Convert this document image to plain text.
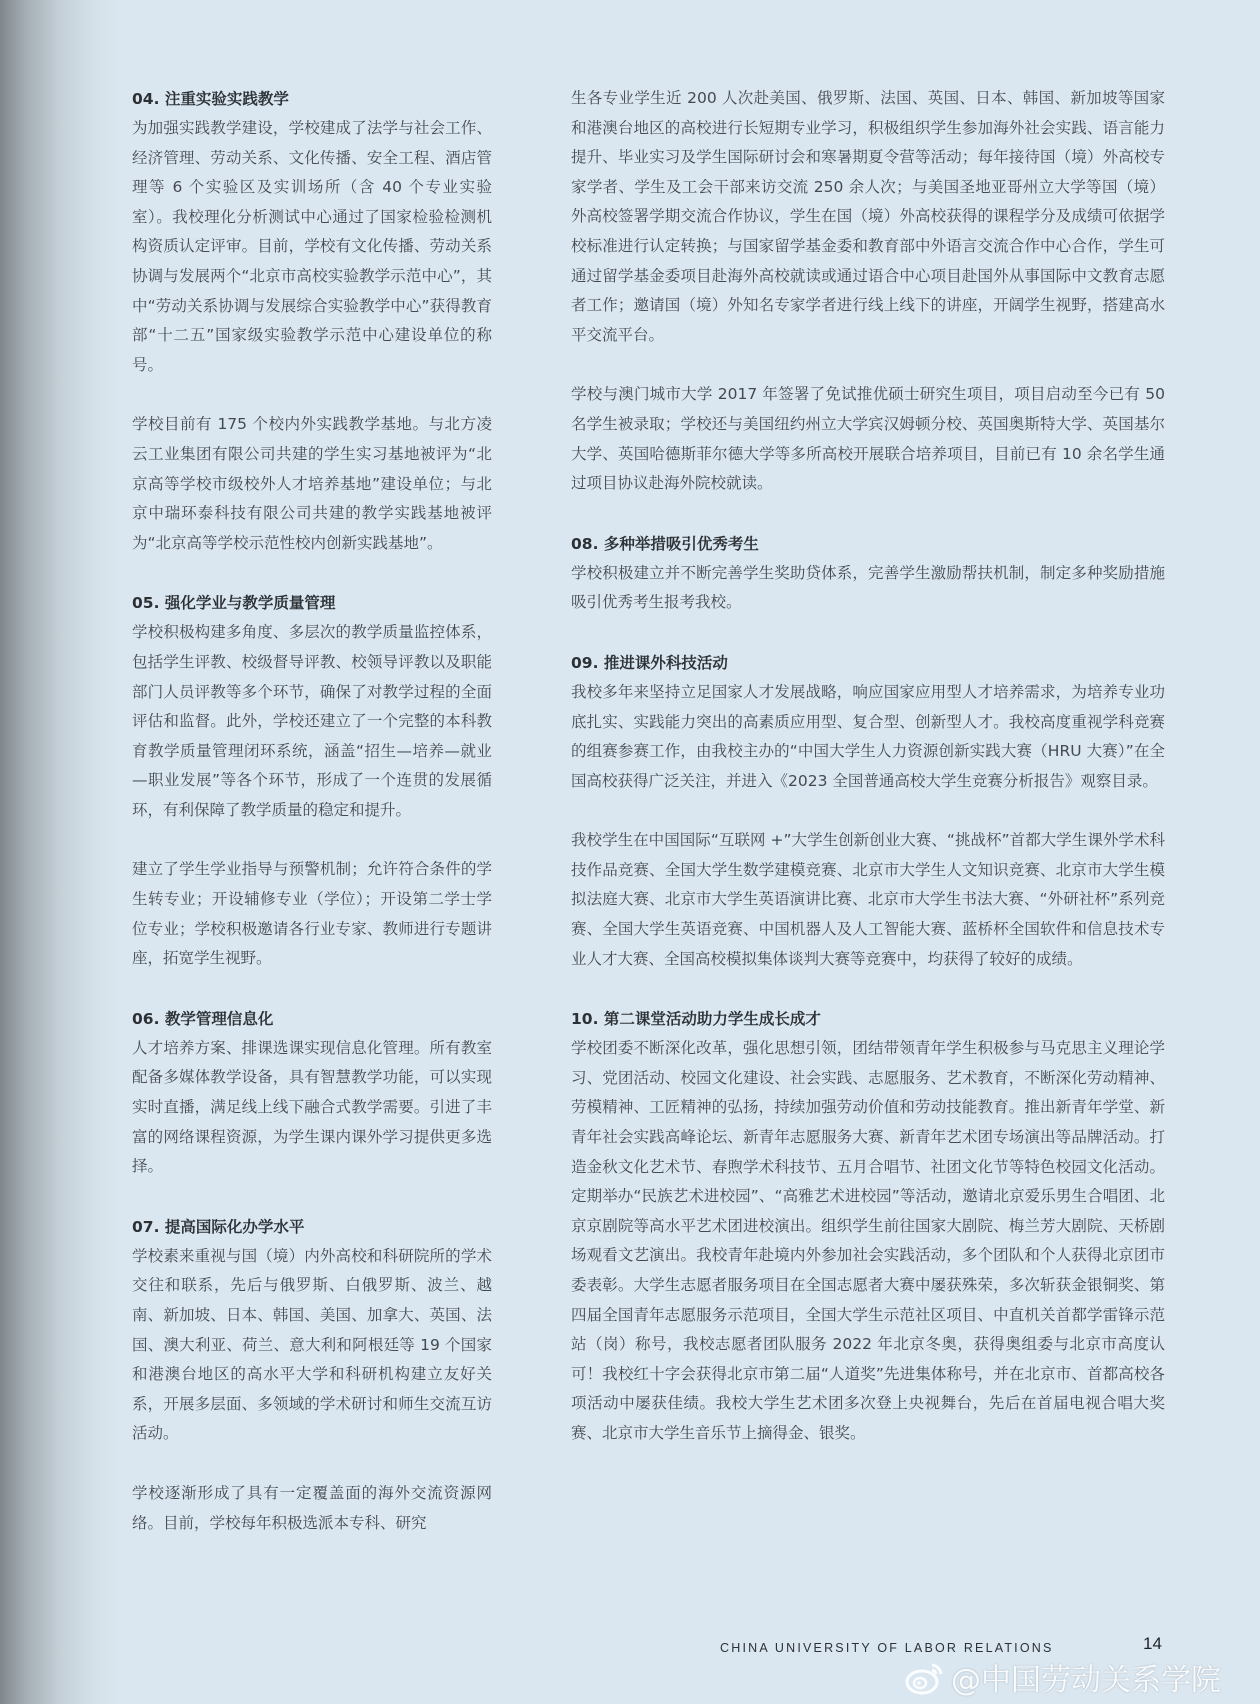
04. 注重实验实践教学

为加强实践教学建设，学校建成了法学与社会工作、经济管理、劳动关系、文化传播、安全工程、酒店管理等 6 个实验区及实训场所（含 40 个专业实验室）。我校理化分析测试中心通过了国家检验检测机构资质认定评审。目前，学校有文化传播、劳动关系协调与发展两个“北京市高校实验教学示范中心”，其中“劳动关系协调与发展综合实验教学中心”获得教育部“十二五”国家级实验教学示范中心建设单位的称号。

学校目前有 175 个校内外实践教学基地。与北方凌云工业集团有限公司共建的学生实习基地被评为“北京高等学校市级校外人才培养基地”建设单位；与北京中瑞环泰科技有限公司共建的教学实践基地被评为“北京高等学校示范性校内创新实践基地”。

05. 强化学业与教学质量管理

学校积极构建多角度、多层次的教学质量监控体系，包括学生评教、校级督导评教、校领导评教以及职能部门人员评教等多个环节，确保了对教学过程的全面评估和监督。此外，学校还建立了一个完整的本科教育教学质量管理闭环系统，涵盖“招生—培养—就业—职业发展”等各个环节，形成了一个连贯的发展循环，有利保障了教学质量的稳定和提升。

建立了学生学业指导与预警机制；允许符合条件的学生转专业；开设辅修专业（学位）；开设第二学士学位专业；学校积极邀请各行业专家、教师进行专题讲座，拓宽学生视野。

06. 教学管理信息化

人才培养方案、排课选课实现信息化管理。所有教室配备多媒体教学设备，具有智慧教学功能，可以实现实时直播，满足线上线下融合式教学需要。引进了丰富的网络课程资源，为学生课内课外学习提供更多选择。

07. 提高国际化办学水平

学校素来重视与国（境）内外高校和科研院所的学术交往和联系，先后与俄罗斯、白俄罗斯、波兰、越南、新加坡、日本、韩国、美国、加拿大、英国、法国、澳大利亚、荷兰、意大利和阿根廷等 19 个国家和港澳台地区的高水平大学和科研机构建立友好关系，开展多层面、多领域的学术研讨和师生交流互访活动。

学校逐渐形成了具有一定覆盖面的海外交流资源网络。目前，学校每年积极选派本专科、研究

生各专业学生近 200 人次赴美国、俄罗斯、法国、英国、日本、韩国、新加坡等国家和港澳台地区的高校进行长短期专业学习，积极组织学生参加海外社会实践、语言能力提升、毕业实习及学生国际研讨会和寒暑期夏令营等活动；每年接待国（境）外高校专家学者、学生及工会干部来访交流 250 余人次；与美国圣地亚哥州立大学等国（境）外高校签署学期交流合作协议，学生在国（境）外高校获得的课程学分及成绩可依据学校标准进行认定转换；与国家留学基金委和教育部中外语言交流合作中心合作，学生可通过留学基金委项目赴海外高校就读或通过语合中心项目赴国外从事国际中文教育志愿者工作；邀请国（境）外知名专家学者进行线上线下的讲座，开阔学生视野，搭建高水平交流平台。

学校与澳门城市大学 2017 年签署了免试推优硕士研究生项目，项目启动至今已有 50 名学生被录取；学校还与美国纽约州立大学宾汉姆顿分校、英国奥斯特大学、英国基尔大学、英国哈德斯菲尔德大学等多所高校开展联合培养项目，目前已有 10 余名学生通过项目协议赴海外院校就读。

08. 多种举措吸引优秀考生

学校积极建立并不断完善学生奖助贷体系，完善学生激励帮扶机制，制定多种奖励措施吸引优秀考生报考我校。

09. 推进课外科技活动

我校多年来坚持立足国家人才发展战略，响应国家应用型人才培养需求，为培养专业功底扎实、实践能力突出的高素质应用型、复合型、创新型人才。我校高度重视学科竞赛的组赛参赛工作，由我校主办的“中国大学生人力资源创新实践大赛（HRU 大赛）”在全国高校获得广泛关注，并进入《2023 全国普通高校大学生竞赛分析报告》观察目录。

我校学生在中国国际“互联网 +”大学生创新创业大赛、“挑战杯”首都大学生课外学术科技作品竞赛、全国大学生数学建模竞赛、北京市大学生人文知识竞赛、北京市大学生模拟法庭大赛、北京市大学生英语演讲比赛、北京市大学生书法大赛、“外研社杯”系列竞赛、全国大学生英语竞赛、中国机器人及人工智能大赛、蓝桥杯全国软件和信息技术专业人才大赛、全国高校模拟集体谈判大赛等竞赛中，均获得了较好的成绩。

10. 第二课堂活动助力学生成长成才

学校团委不断深化改革，强化思想引领，团结带领青年学生积极参与马克思主义理论学习、党团活动、校园文化建设、社会实践、志愿服务、艺术教育，不断深化劳动精神、劳模精神、工匠精神的弘扬，持续加强劳动价值和劳动技能教育。推出新青年学堂、新青年社会实践高峰论坛、新青年志愿服务大赛、新青年艺术团专场演出等品牌活动。打造金秋文化艺术节、春煦学术科技节、五月合唱节、社团文化节等特色校园文化活动。定期举办“民族艺术进校园”、“高雅艺术进校园”等活动，邀请北京爱乐男生合唱团、北京京剧院等高水平艺术团进校演出。组织学生前往国家大剧院、梅兰芳大剧院、天桥剧场观看文艺演出。我校青年赴境内外参加社会实践活动，多个团队和个人获得北京团市委表彰。大学生志愿者服务项目在全国志愿者大赛中屡获殊荣，多次斩获金银铜奖、第四届全国青年志愿服务示范项目，全国大学生示范社区项目、中直机关首都学雷锋示范站（岗）称号，我校志愿者团队服务 2022 年北京冬奥，获得奥组委与北京市高度认可！我校红十字会获得北京市第二届“人道奖”先进集体称号，并在北京市、首都高校各项活动中屡获佳绩。我校大学生艺术团多次登上央视舞台，先后在首届电视合唱大奖赛、北京市大学生音乐节上摘得金、银奖。

CHINA UNIVERSITY OF LABOR RELATIONS	14
@中国劳动关系学院
